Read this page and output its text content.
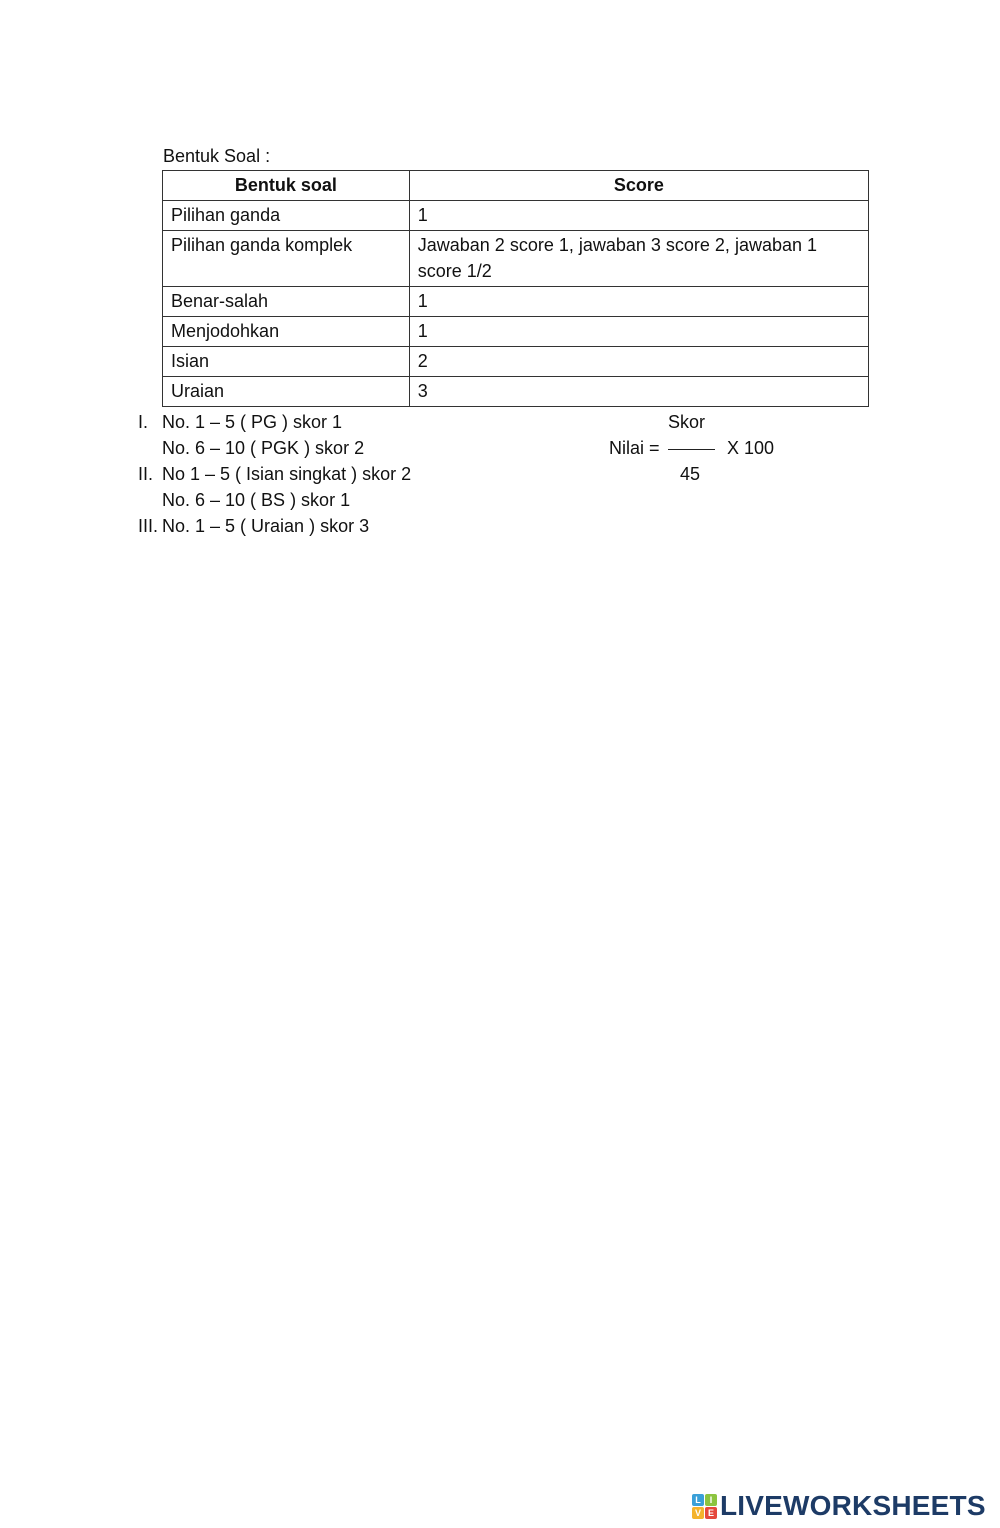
Bentuk Soal :
Bentuk soal	Score
Pilihan ganda	1
Pilihan ganda komplek	Jawaban 2 score 1, jawaban 3 score 2, jawaban 1 score 1/2
Benar-salah	1
Menjodohkan	1
Isian	2
Uraian	3
I. No. 1 – 5 ( PG ) skor 1
No. 6 – 10 ( PGK ) skor 2
II. No 1 – 5 ( Isian singkat ) skor 2
No. 6 – 10 ( BS ) skor 1
III. No. 1 – 5 ( Uraian ) skor 3
Skor
Nilai =	X 100
45
L I
V E LIVEWORKSHEETS
